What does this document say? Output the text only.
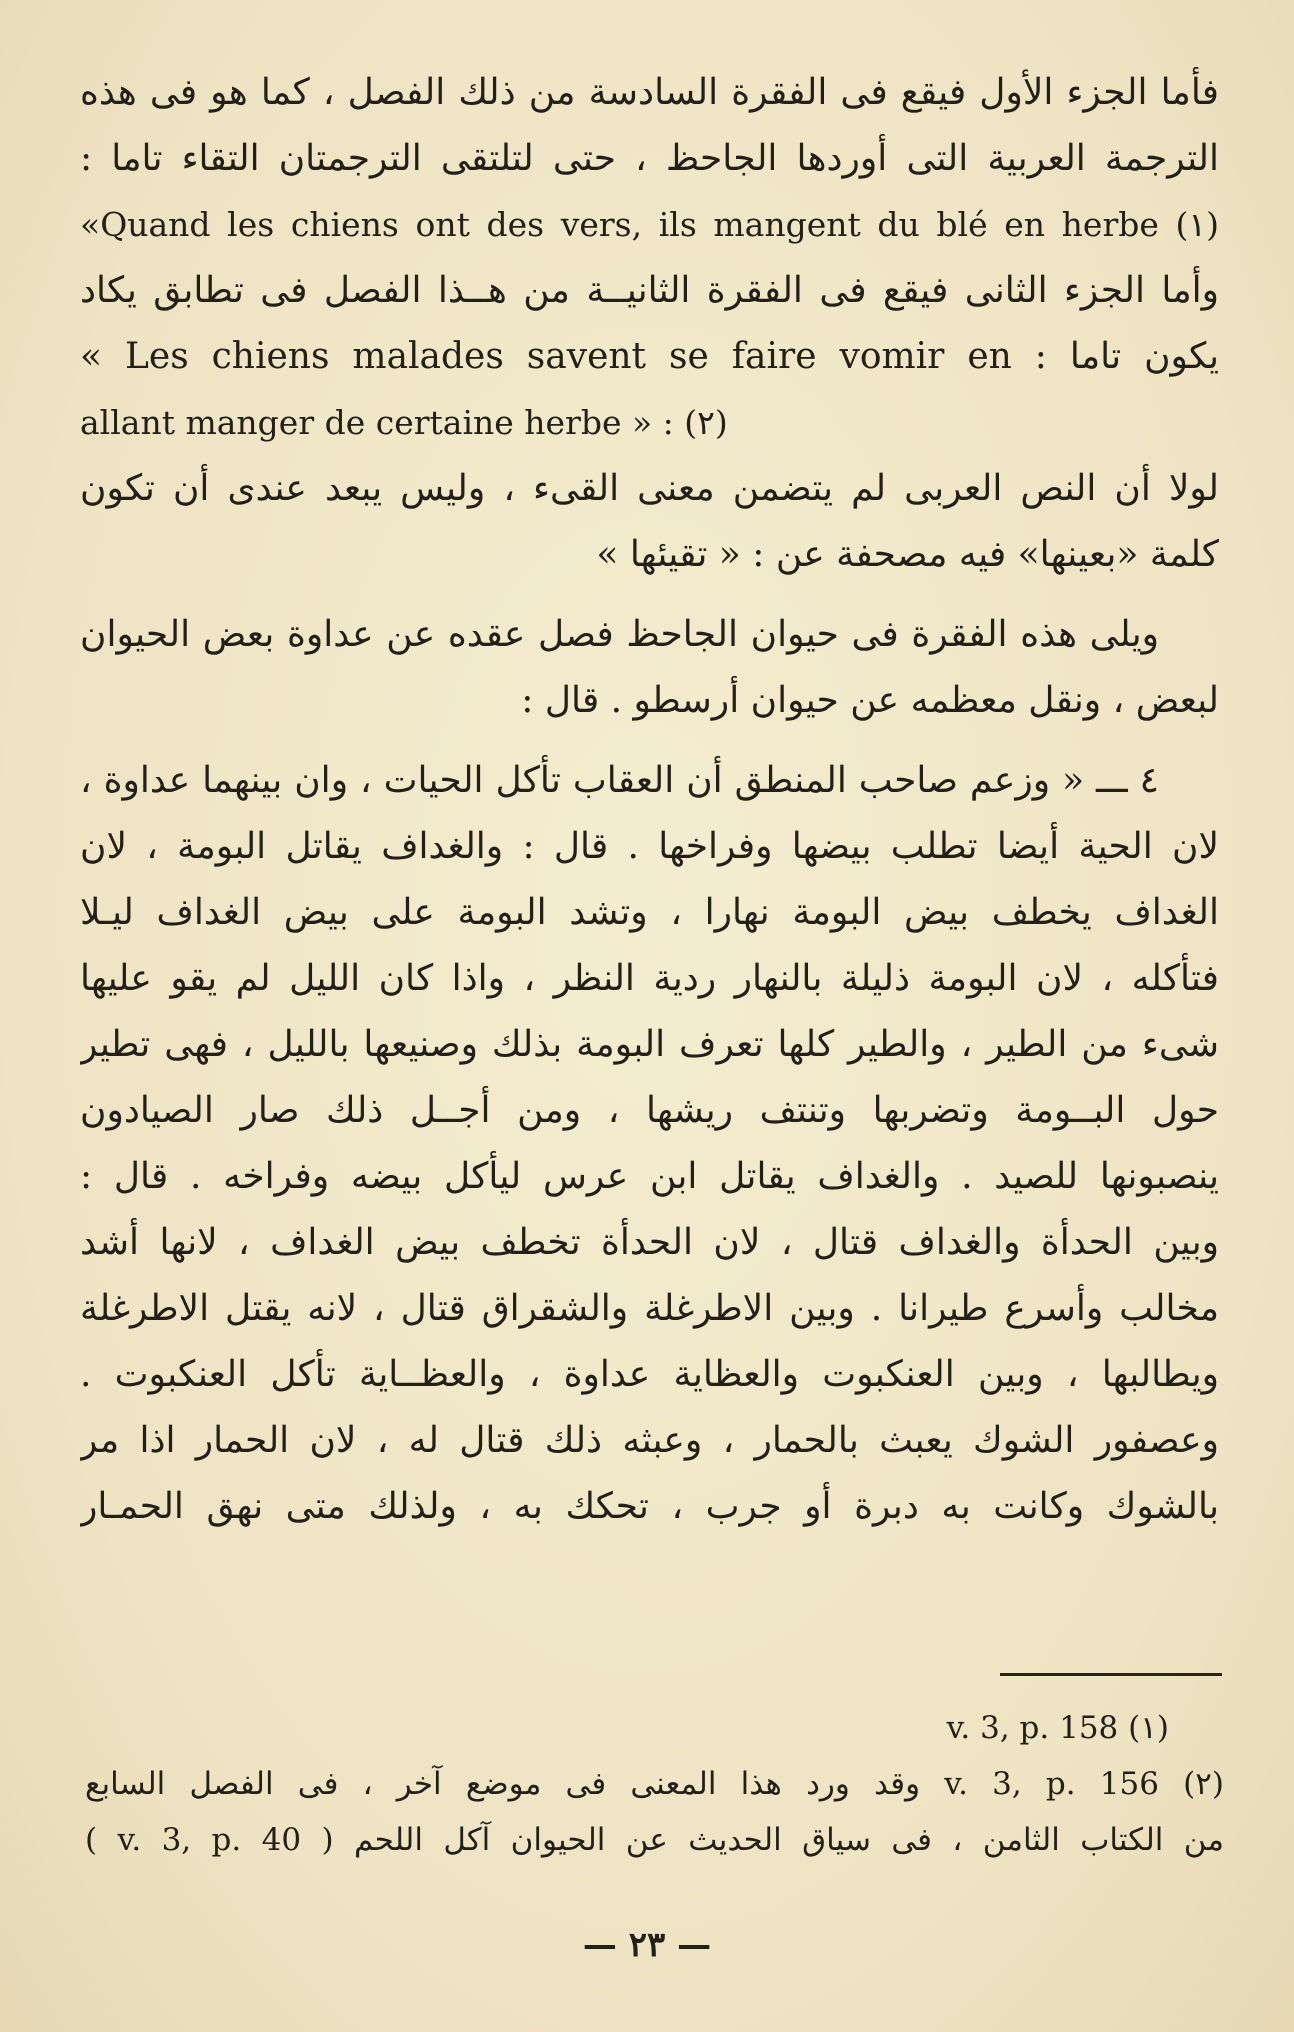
فأما الجزء الأول فيقع فى الفقرة السادسة من ذلك الفصل ، كما هو فى هذه
الترجمة العربية التى أوردها الجاحظ ، حتى لتلتقى الترجمتان التقاء تاما :
«Quand les chiens ont des vers, ils mangent du blé en herbe (١)
وأما الجزء الثانى فيقع فى الفقرة الثانيــة من هــذا الفصل فى تطابق يكاد
يكون تاما : Les chiens malades savent se faire vomir en »
allant manger de certaine herbe » : (٢)
لولا أن النص العربى لم يتضمن معنى القىء ، وليس يبعد عندى أن تكون
كلمة «بعينها» فيه مصحفة عن : « تقيئها »
ويلى هذه الفقرة فى حيوان الجاحظ فصل عقده عن عداوة بعض الحيوان
لبعض ، ونقل معظمه عن حيوان أرسطو . قال :
٤ ـــ « وزعم صاحب المنطق أن العقاب تأكل الحيات ، وان بينهما عداوة ،
لان الحية أيضا تطلب بيضها وفراخها . قال : والغداف يقاتل البومة ، لان
الغداف يخطف بيض البومة نهارا ، وتشد البومة على بيض الغداف ليـلا
فتأكله ، لان البومة ذليلة بالنهار ردية النظر ، واذا كان الليل لم يقو عليها
شىء من الطير ، والطير كلها تعرف البومة بذلك وصنيعها بالليل ، فهى تطير
حول البــومة وتضربها وتنتف ريشها ، ومن أجــل ذلك صار الصيادون
ينصبونها للصيد . والغداف يقاتل ابن عرس ليأكل بيضه وفراخه . قال :
وبين الحدأة والغداف قتال ، لان الحدأة تخطف بيض الغداف ، لانها أشد
مخالب وأسرع طيرانا . وبين الاطرغلة والشقراق قتال ، لانه يقتل الاطرغلة
ويطالبها ، وبين العنكبوت والعظاية عداوة ، والعظــاية تأكل العنكبوت .
وعصفور الشوك يعبث بالحمار ، وعبثه ذلك قتال له ، لان الحمار اذا مر
بالشوك وكانت به دبرة أو جرب ، تحكك به ، ولذلك متى نهق الحمـار
(١) v. 3, p. 158
(٢) v. 3, p. 156 وقد ورد هذا المعنى فى موضع آخر ، فى الفصل السابع
من الكتاب الثامن ، فى سياق الحديث عن الحيوان آكل اللحم ( v. 3, p. 40 )
— ٢٣ —
